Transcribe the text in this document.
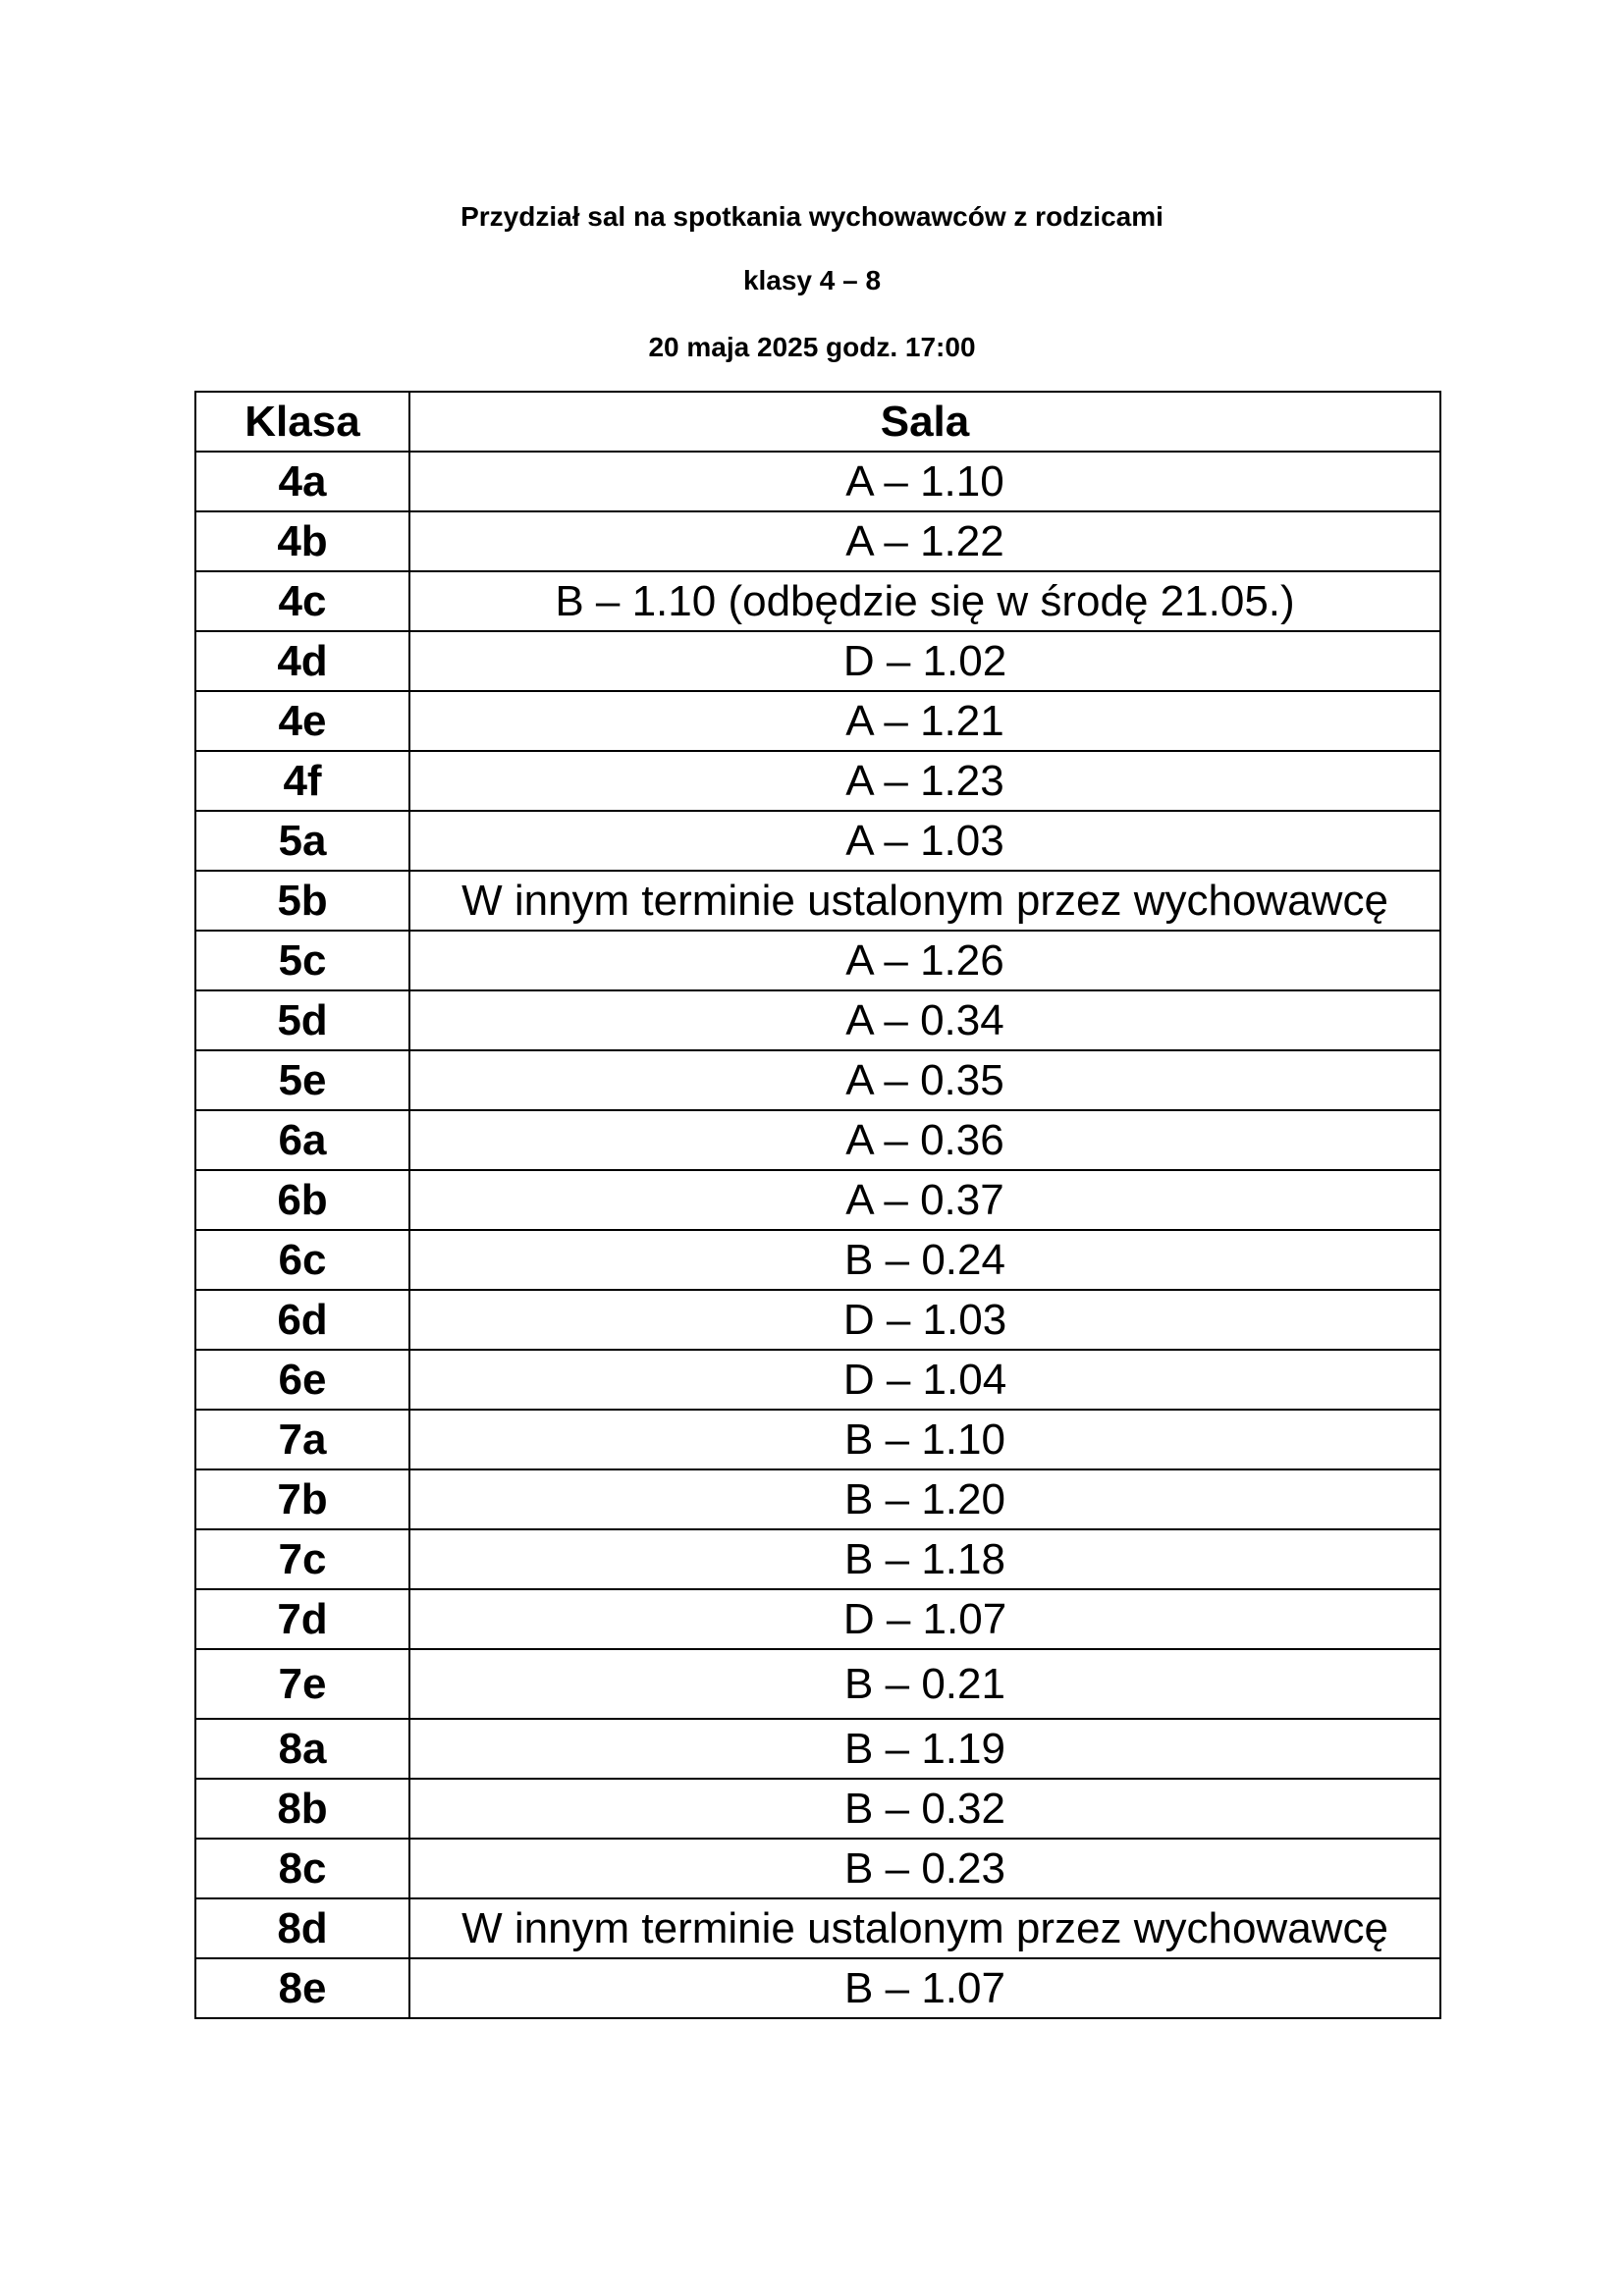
Przydział sal na spotkania wychowawców z rodzicami
klasy 4 – 8
20 maja 2025 godz. 17:00
Klasa	Sala
4a	A – 1.10
4b	A – 1.22
4c	B – 1.10 (odbędzie się w środę 21.05.)
4d	D – 1.02
4e	A – 1.21
4f	A – 1.23
5a	A – 1.03
5b	W innym terminie ustalonym przez wychowawcę
5c	A – 1.26
5d	A – 0.34
5e	A – 0.35
6a	A – 0.36
6b	A – 0.37
6c	B – 0.24
6d	D – 1.03
6e	D – 1.04
7a	B – 1.10
7b	B – 1.20
7c	B – 1.18
7d	D – 1.07
7e	B – 0.21
8a	B – 1.19
8b	B – 0.32
8c	B – 0.23
8d	W innym terminie ustalonym przez wychowawcę
8e	B – 1.07
